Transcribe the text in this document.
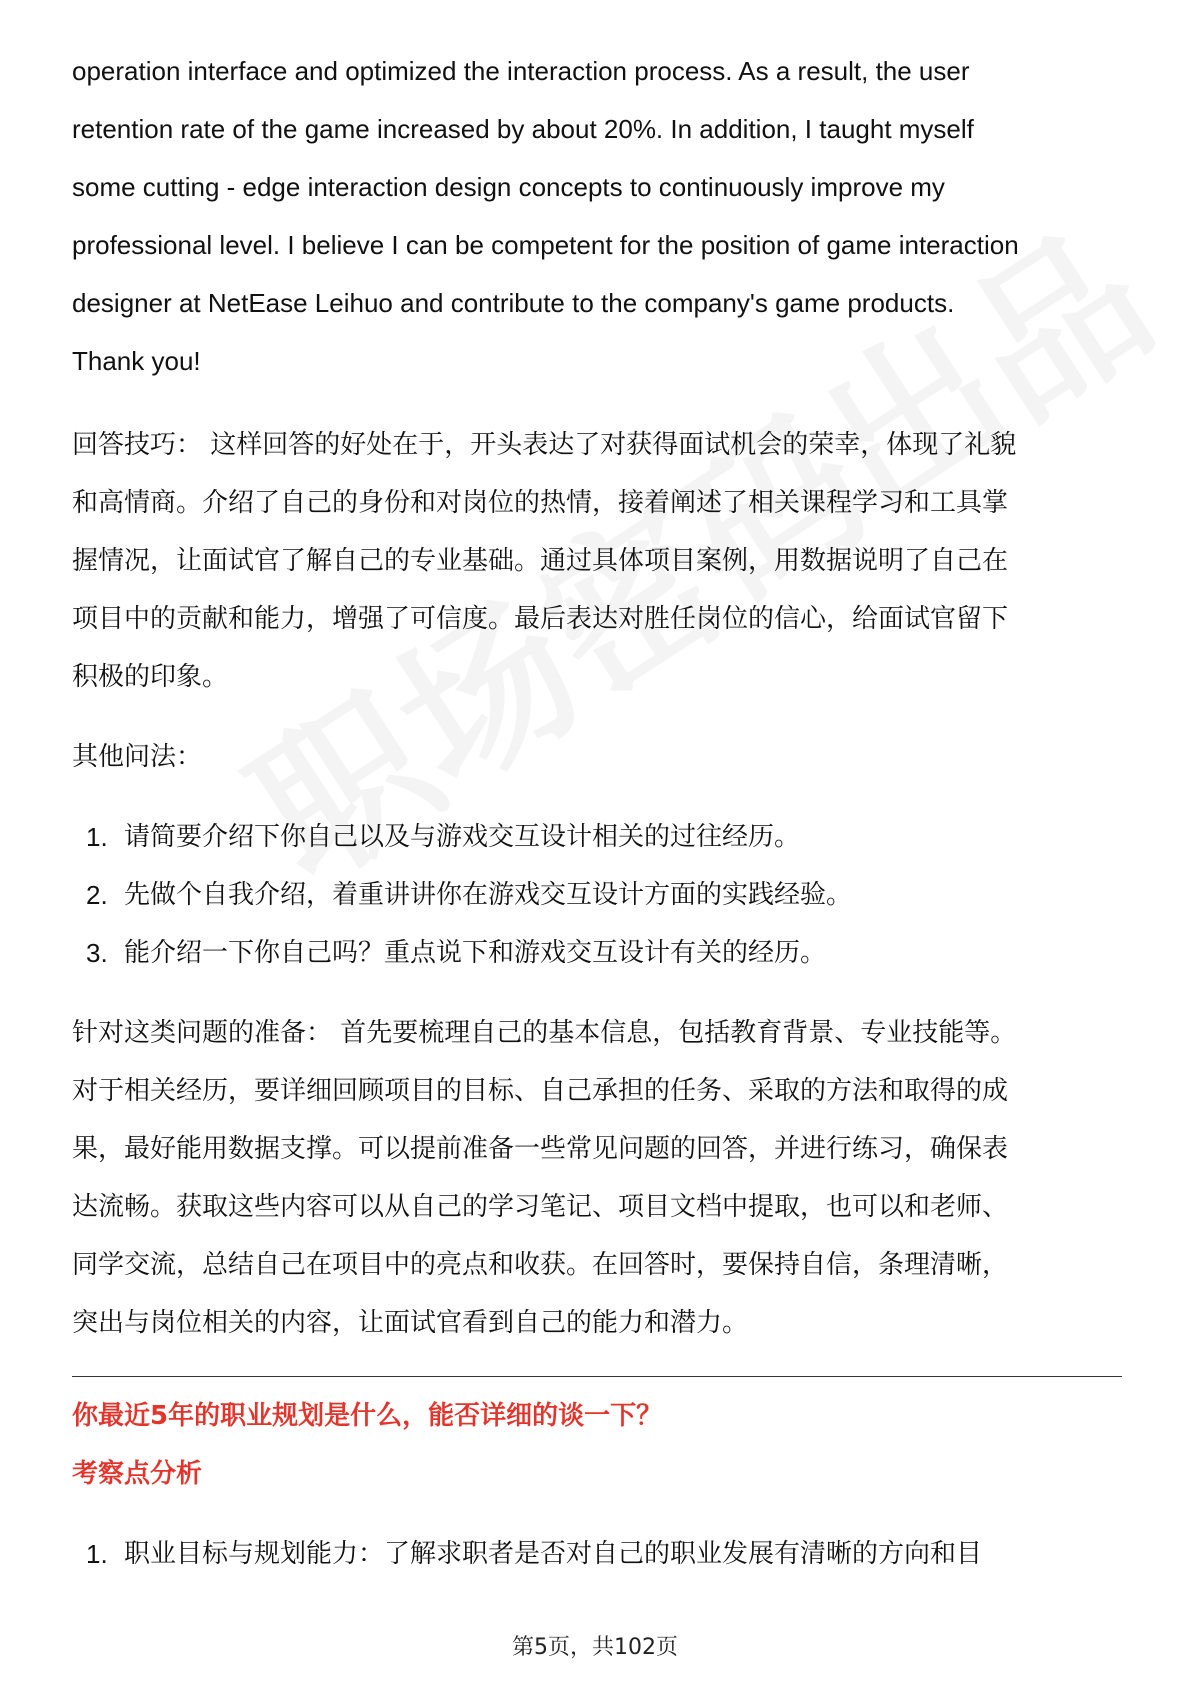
operation interface and optimized the interaction process. As a result, the user
retention rate of the game increased by about 20%. In addition, I taught myself
some cutting - edge interaction design concepts to continuously improve my
professional level. I believe I can be competent for the position of game interaction
designer at NetEase Leihuo and contribute to the company's game products.
Thank you!

回答技巧： 这样回答的好处在于，开头表达了对获得面试机会的荣幸，体现了礼貌
和高情商。介绍了自己的身份和对岗位的热情，接着阐述了相关课程学习和工具掌
握情况，让面试官了解自己的专业基础。通过具体项目案例，用数据说明了自己在
项目中的贡献和能力，增强了可信度。最后表达对胜任岗位的信心，给面试官留下
积极的印象。

其他问法：

1. 请简要介绍下你自己以及与游戏交互设计相关的过往经历。
2. 先做个自我介绍，着重讲讲你在游戏交互设计方面的实践经验。
3. 能介绍一下你自己吗？重点说下和游戏交互设计有关的经历。

针对这类问题的准备： 首先要梳理自己的基本信息，包括教育背景、专业技能等。
对于相关经历，要详细回顾项目的目标、自己承担的任务、采取的方法和取得的成
果，最好能用数据支撑。可以提前准备一些常见问题的回答，并进行练习，确保表
达流畅。获取这些内容可以从自己的学习笔记、项目文档中提取，也可以和老师、
同学交流，总结自己在项目中的亮点和收获。在回答时，要保持自信，条理清晰，
突出与岗位相关的内容，让面试官看到自己的能力和潜力。

你最近5年的职业规划是什么，能否详细的谈一下？

考察点分析

1. 职业目标与规划能力：了解求职者是否对自己的职业发展有清晰的方向和目
第5页，共102页
